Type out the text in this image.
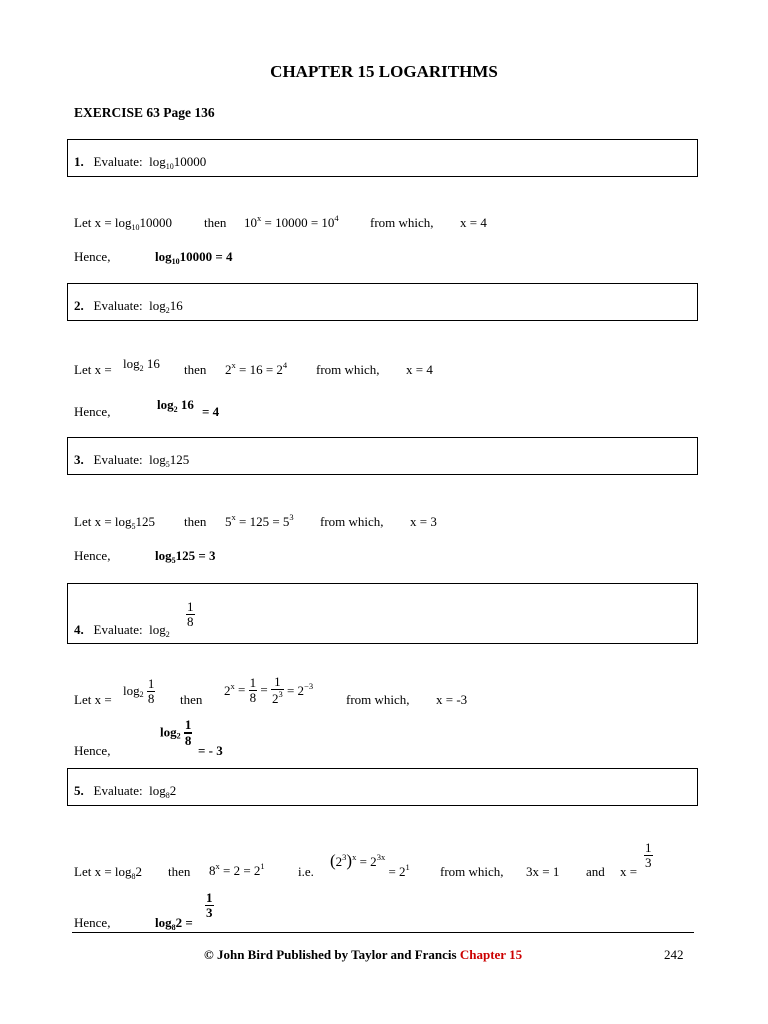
CHAPTER 15 LOGARITHMS
EXERCISE 63 Page 136
1. Evaluate: $\log_{10}10000$
Let $x = \log_{10}10000$ then $10^x = 10000 = 10^4$ from which, x = 4
Hence,	$\log_{10}10000 = 4$
2. Evaluate: $\log_216$
Let $x = \log_2 16$ then $2^x = 16 = 2^4$ from which, x = 4
Hence,	$\log_2 16 = 4$
3. Evaluate: $\log_5125$
Let $x = \log_5125$ then $5^x = 125 = 5^3$ from which, x = 3
Hence,	$\log_5125 = 3$
4. Evaluate: $\log_2$
$\frac{1}{8}$
Let x =
$\log_2 \frac{1}{8}$ then
$2^x = \frac{1}{8} = \frac{1}{2^3} = 2^{-3}$
from which, x = -3
Hence,
$\log_2 \frac{1}{8}$
= - 3
5. Evaluate: $\log_82$
Let $x = \log_82$ then $8^x = 2 = 2^1$	i.e.
$(2^3)^x = 2^{3x} = 2^1$ from which, 3x = 1 and x =
$\frac{1}{3}$
Hence,	$\log_82$ =
$\frac{1}{3}$
© John Bird Published by Taylor and Francis Chapter 15	242
